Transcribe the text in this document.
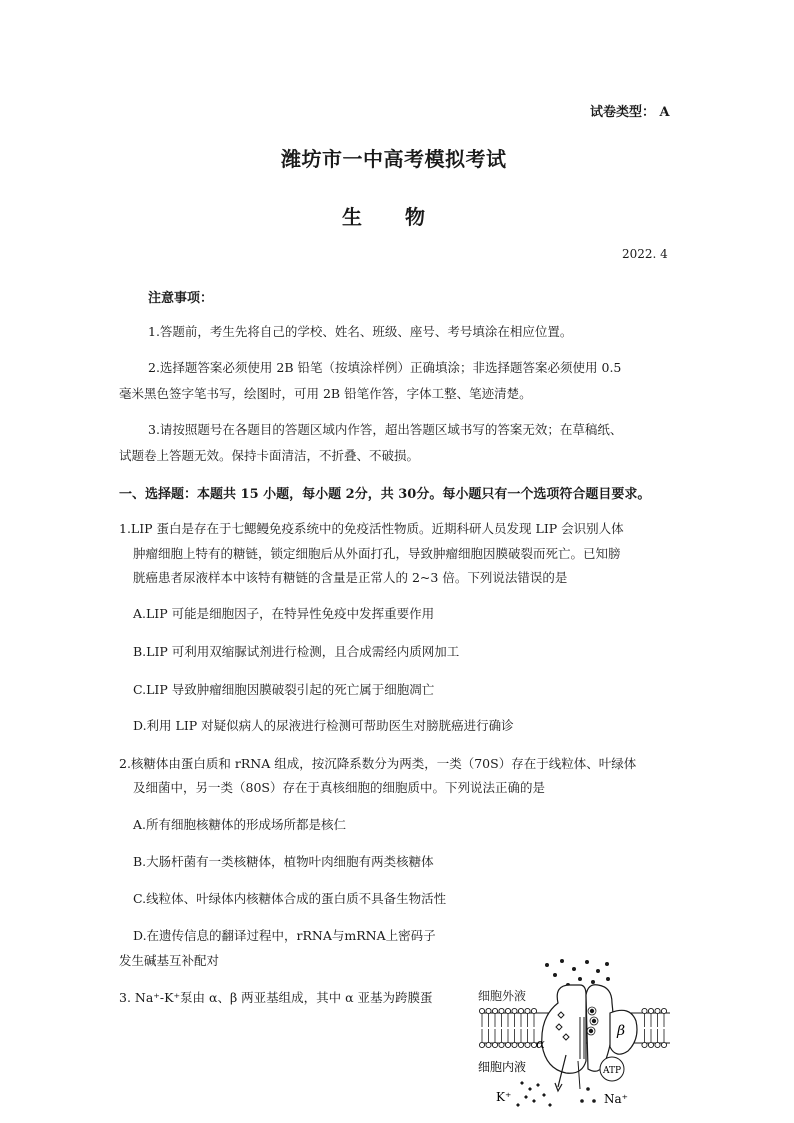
试卷类型： A
潍坊市一中高考模拟考试
生 物
2022. 4
注意事项：
1.答题前，考生先将自己的学校、姓名、班级、座号、考号填涂在相应位置。
2.选择题答案必须使用 2B 铅笔（按填涂样例）正确填涂；非选择题答案必须使用 0.5
毫米黑色签字笔书写，绘图时，可用 2B 铅笔作答，字体工整、笔迹清楚。
3.请按照题号在各题目的答题区域内作答，超出答题区域书写的答案无效；在草稿纸、
试题卷上答题无效。保持卡面清洁，不折叠、不破损。
一、选择题：本题共 15 小题，每小题 2分，共 30分。每小题只有一个选项符合题目要求。
1.LIP 蛋白是存在于七鳃鳗免疫系统中的免疫活性物质。近期科研人员发现 LIP 会识别人体
肿瘤细胞上特有的糖链，锁定细胞后从外面打孔，导致肿瘤细胞因膜破裂而死亡。已知膀
胱癌患者尿液样本中该特有糖链的含量是正常人的 2~3 倍。下列说法错误的是
A.LIP 可能是细胞因子，在特异性免疫中发挥重要作用
B.LIP 可利用双缩脲试剂进行检测，且合成需经内质网加工
C.LIP 导致肿瘤细胞因膜破裂引起的死亡属于细胞凋亡
D.利用 LIP 对疑似病人的尿液进行检测可帮助医生对膀胱癌进行确诊
2.核糖体由蛋白质和 rRNA 组成，按沉降系数分为两类，一类（70S）存在于线粒体、叶绿体
及细菌中，另一类（80S）存在于真核细胞的细胞质中。下列说法正确的是
A.所有细胞核糖体的形成场所都是核仁
B.大肠杆菌有一类核糖体，植物叶肉细胞有两类核糖体
C.线粒体、叶绿体内核糖体合成的蛋白质不具备生物活性
D.在遗传信息的翻译过程中，rRNA与mRNA上密码子
发生碱基互补配对
3. Na⁺-K⁺泵由 α、β 两亚基组成，其中 α 亚基为跨膜蛋	细胞外液
α
β
ATP
细胞内液
K⁺	Na⁺
